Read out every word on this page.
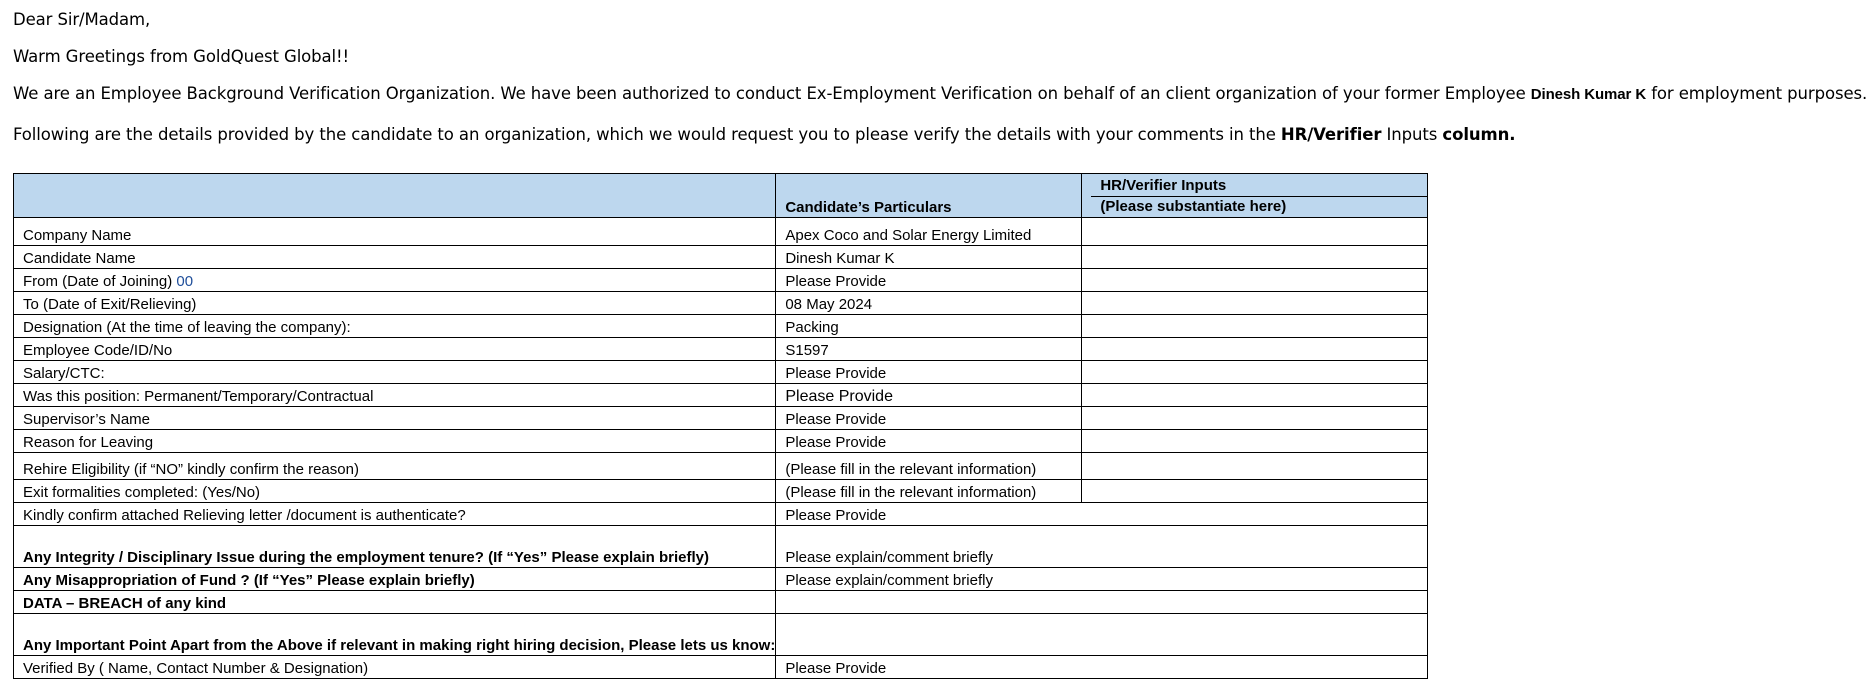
Dear Sir/Madam,
Warm Greetings from GoldQuest Global!!
We are an Employee Background Verification Organization. We have been authorized to conduct Ex-Employment Verification on behalf of an client organization of your former Employee Dinesh Kumar K for employment purposes.
Following are the details provided by the candidate to an organization, which we would request you to please verify the details with your comments in the HR/Verifier Inputs column.
	Candidate’s Particulars	HR/Verifier Inputs
(Please substantiate here)

Company Name	Apex Coco and Solar Energy Limited	
Candidate Name	Dinesh Kumar K	
From (Date of Joining) 00	Please Provide	
To (Date of Exit/Relieving)	08 May 2024	
Designation (At the time of leaving the company):	Packing	
Employee Code/ID/No	S1597	
Salary/CTC:	Please Provide	
Was this position: Permanent/Temporary/Contractual	Please Provide	
Supervisor’s Name	Please Provide	
Reason for Leaving	Please Provide	
Rehire Eligibility (if “NO” kindly confirm the reason)	(Please fill in the relevant information)	
Exit formalities completed: (Yes/No)	(Please fill in the relevant information)	
Kindly confirm attached Relieving letter /document is authenticate?	Please Provide	
Any Integrity / Disciplinary Issue during the employment tenure? (If “Yes” Please explain briefly)	Please explain/comment briefly	
Any Misappropriation of Fund ? (If “Yes” Please explain briefly)	Please explain/comment briefly	
DATA – BREACH of any kind		
Any Important Point Apart from the Above if relevant in making right hiring decision, Please lets us know:		
Verified By ( Name, Contact Number & Designation)	Please Provide	
